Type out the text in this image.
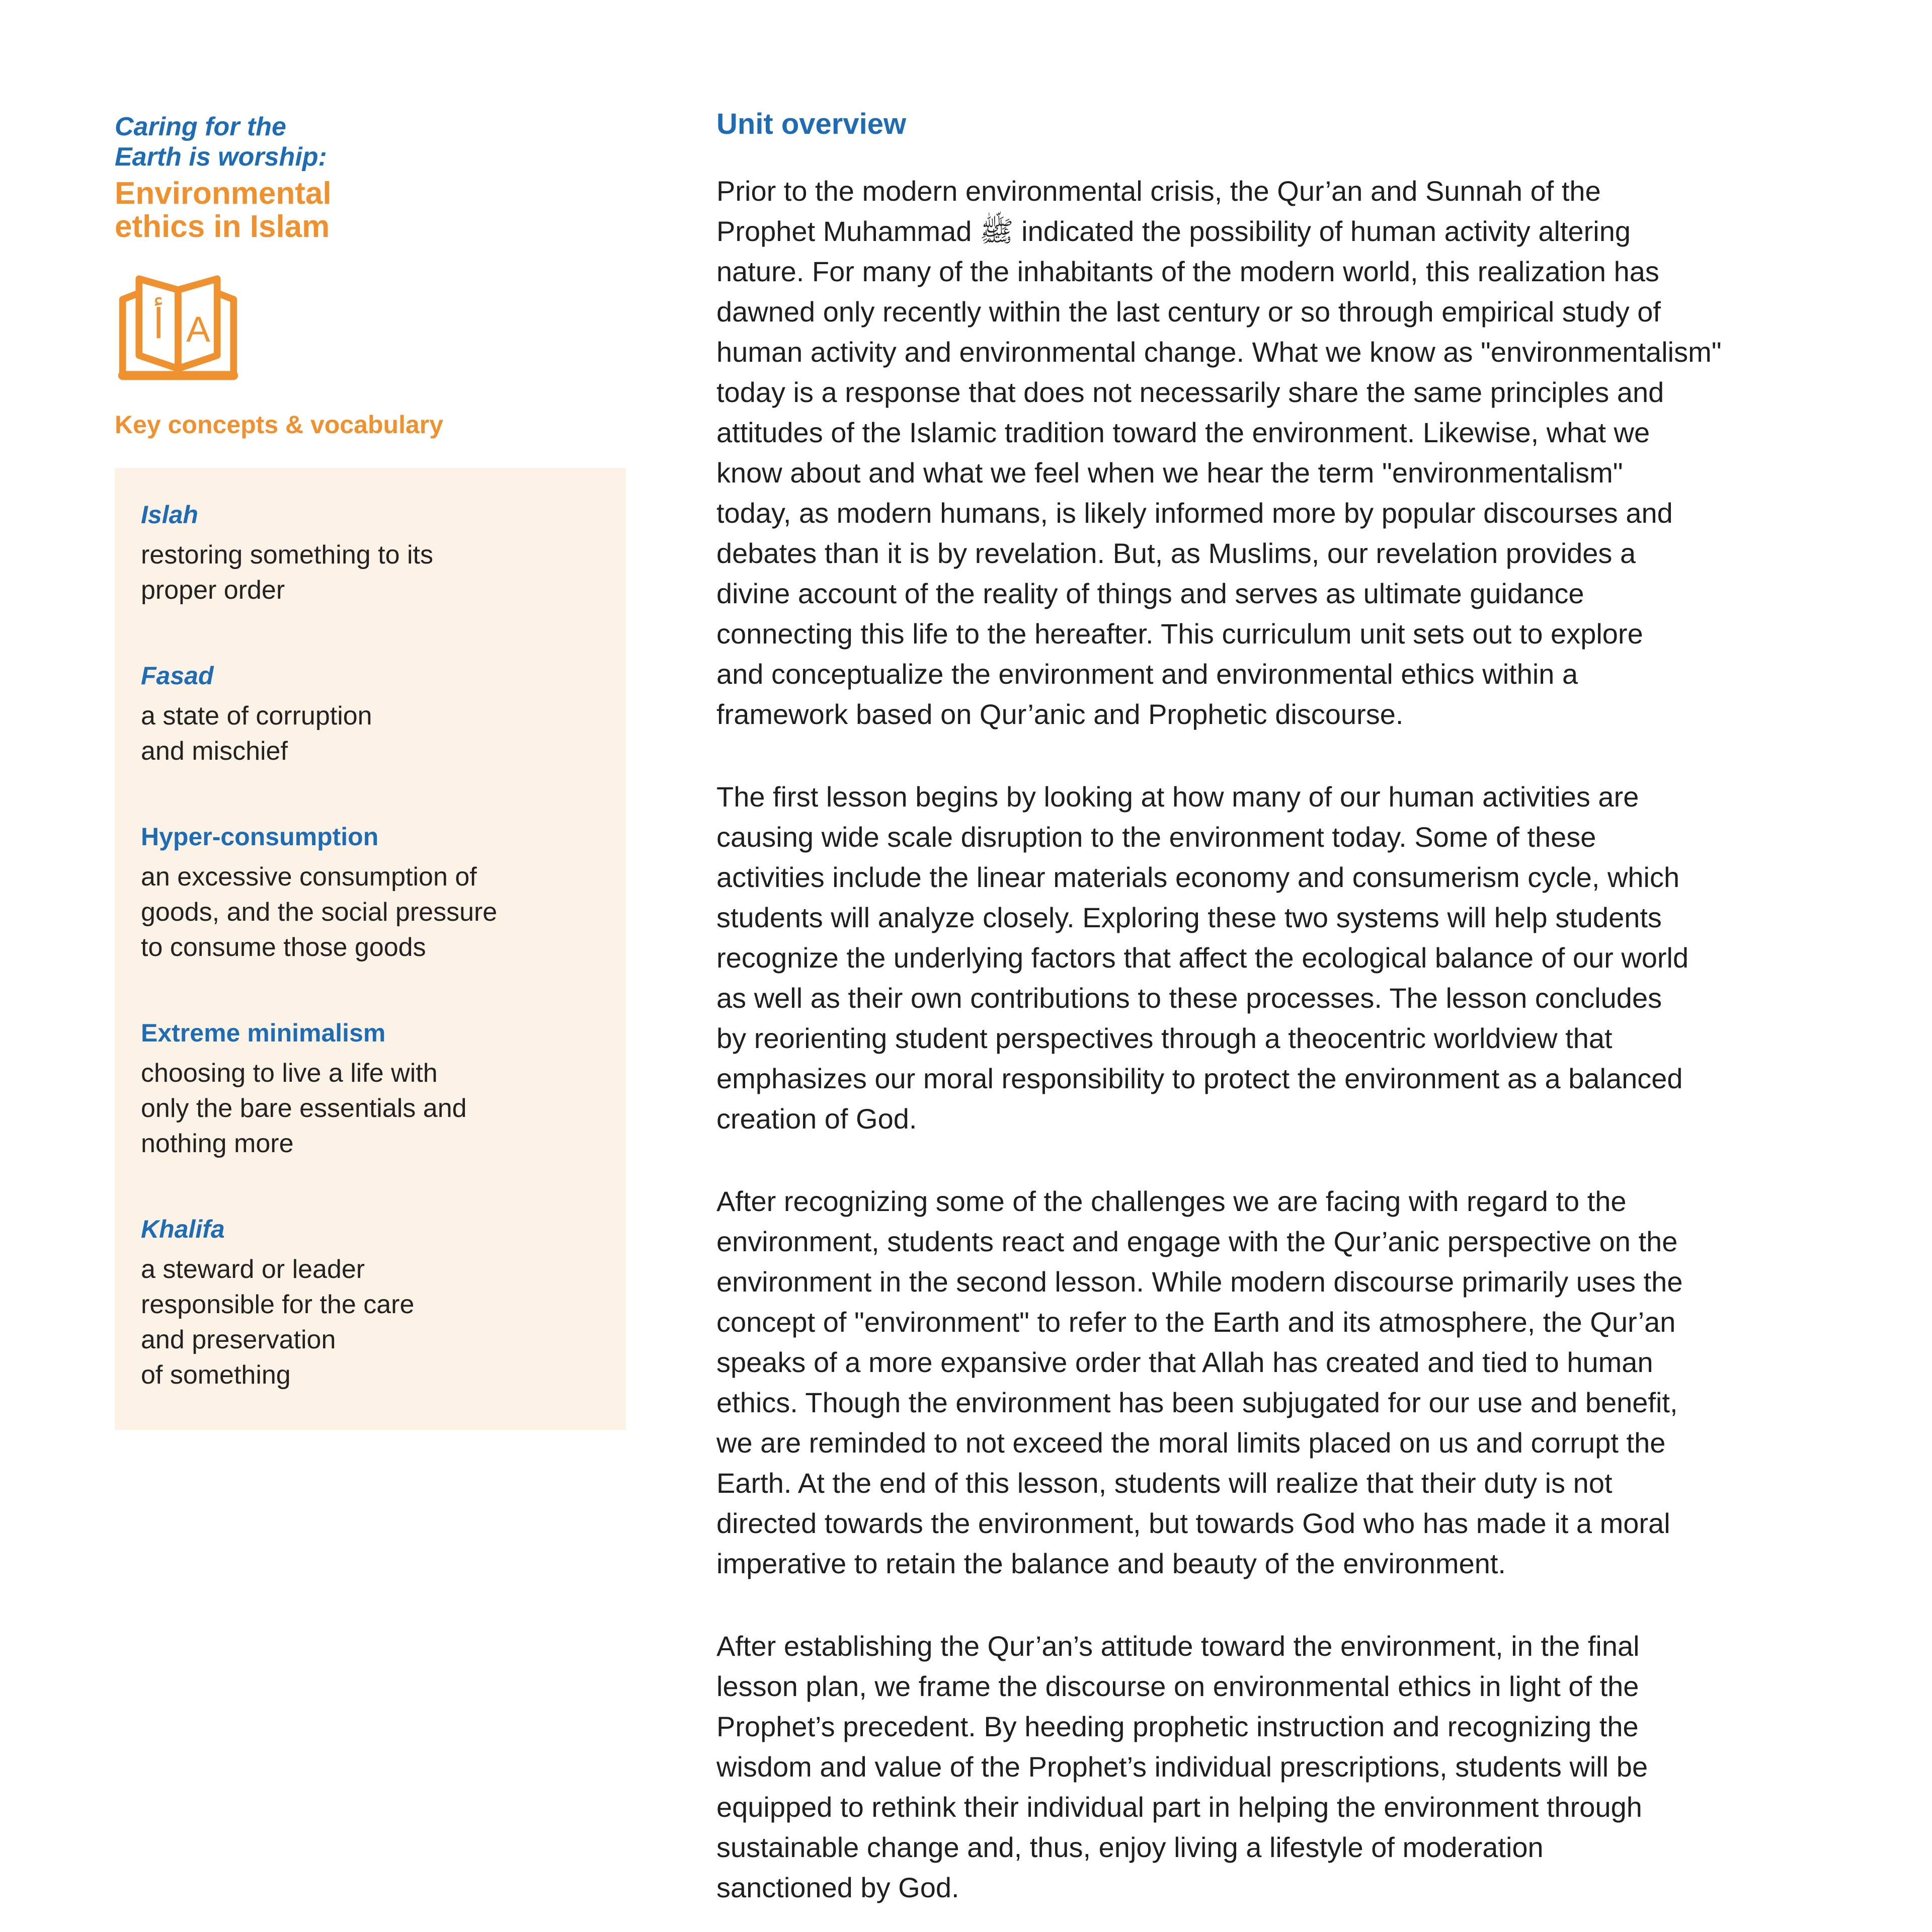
Caring for the
Earth is worship:
Environmental
ethics in Islam
أ A
Key concepts & vocabulary
Islah
restoring something to its
proper order
Fasad
a state of corruption
and mischief
Hyper-consumption
an excessive consumption of
goods, and the social pressure
to consume those goods
Extreme minimalism
choosing to live a life with
only the bare essentials and
nothing more
Khalifa
a steward or leader
responsible for the care
and preservation
of something
Unit overview
Prior to the modern environmental crisis, the Qur’an and Sunnah of the
Prophet Muhammad ﷺ indicated the possibility of human activity altering
nature. For many of the inhabitants of the modern world, this realization has
dawned only recently within the last century or so through empirical study of
human activity and environmental change. What we know as "environmentalism"
today is a response that does not necessarily share the same principles and
attitudes of the Islamic tradition toward the environment. Likewise, what we
know about and what we feel when we hear the term "environmentalism"
today, as modern humans, is likely informed more by popular discourses and
debates than it is by revelation. But, as Muslims, our revelation provides a
divine account of the reality of things and serves as ultimate guidance
connecting this life to the hereafter. This curriculum unit sets out to explore
and conceptualize the environment and environmental ethics within a
framework based on Qur’anic and Prophetic discourse.
The first lesson begins by looking at how many of our human activities are
causing wide scale disruption to the environment today. Some of these
activities include the linear materials economy and consumerism cycle, which
students will analyze closely. Exploring these two systems will help students
recognize the underlying factors that affect the ecological balance of our world
as well as their own contributions to these processes. The lesson concludes
by reorienting student perspectives through a theocentric worldview that
emphasizes our moral responsibility to protect the environment as a balanced
creation of God.
After recognizing some of the challenges we are facing with regard to the
environment, students react and engage with the Qur’anic perspective on the
environment in the second lesson. While modern discourse primarily uses the
concept of "environment" to refer to the Earth and its atmosphere, the Qur’an
speaks of a more expansive order that Allah has created and tied to human
ethics. Though the environment has been subjugated for our use and benefit,
we are reminded to not exceed the moral limits placed on us and corrupt the
Earth. At the end of this lesson, students will realize that their duty is not
directed towards the environment, but towards God who has made it a moral
imperative to retain the balance and beauty of the environment.
After establishing the Qur’an’s attitude toward the environment, in the final
lesson plan, we frame the discourse on environmental ethics in light of the
Prophet’s precedent. By heeding prophetic instruction and recognizing the
wisdom and value of the Prophet’s individual prescriptions, students will be
equipped to rethink their individual part in helping the environment through
sustainable change and, thus, enjoy living a lifestyle of moderation
sanctioned by God.
